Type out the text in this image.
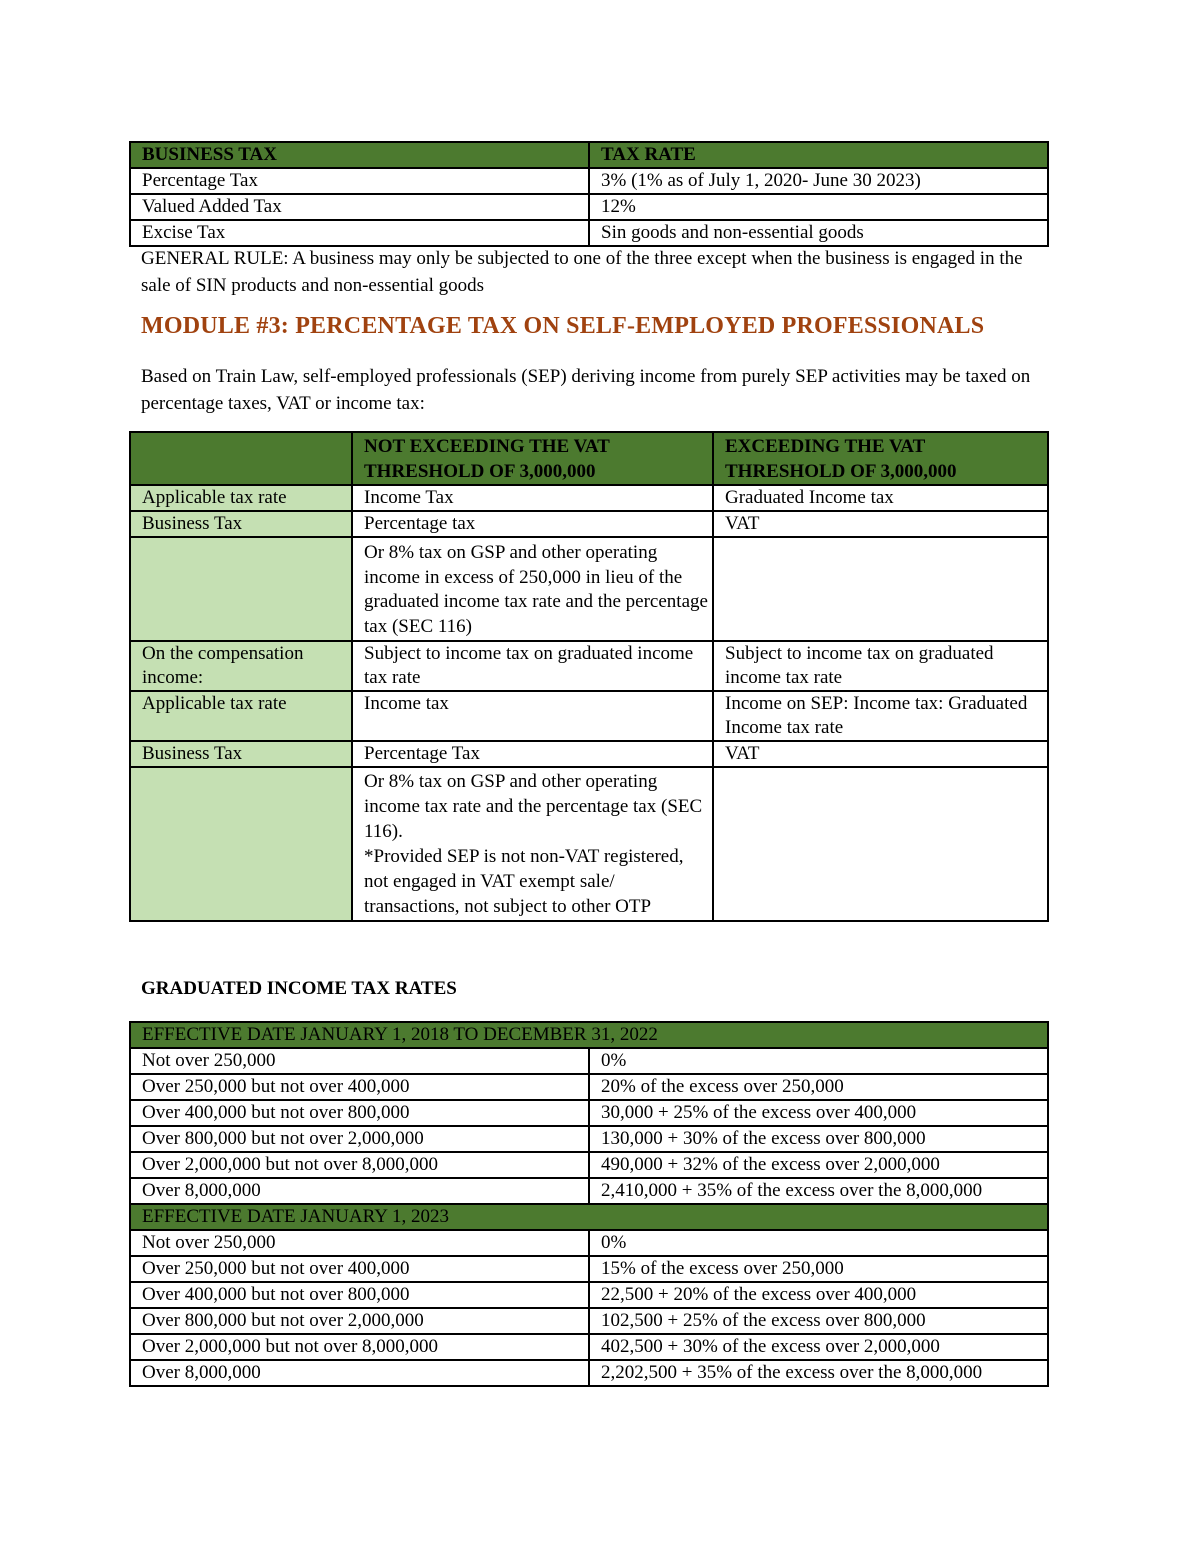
BUSINESS TAX	TAX RATE
Percentage Tax	3% (1% as of July 1, 2020- June 30 2023)
Valued Added Tax	12%
Excise Tax	Sin goods and non-essential goods
GENERAL RULE: A business may only be subjected to one of the three except when the business is engaged in the sale of SIN products and non-essential goods
MODULE #3: PERCENTAGE TAX ON SELF-EMPLOYED PROFESSIONALS
Based on Train Law, self-employed professionals (SEP) deriving income from purely SEP activities may be taxed on percentage taxes, VAT or income tax:
	NOT EXCEEDING THE VAT THRESHOLD OF 3,000,000	EXCEEDING THE VAT THRESHOLD OF 3,000,000
Applicable tax rate	Income Tax	Graduated Income tax
Business Tax	Percentage tax	VAT
	Or 8% tax on GSP and other operating income in excess of 250,000 in lieu of the graduated income tax rate and the percentage tax (SEC 116)	
On the compensation income:	Subject to income tax on graduated income tax rate	Subject to income tax on graduated income tax rate
Applicable tax rate	Income tax	Income on SEP: Income tax: Graduated Income tax rate
Business Tax	Percentage Tax	VAT

	Or 8% tax on GSP and other operating income tax rate and the percentage tax (SEC 116).
*Provided SEP is not non-VAT registered, not engaged in VAT exempt sale/ transactions, not subject to other OTP	

GRADUATED INCOME TAX RATES
EFFECTIVE DATE JANUARY 1, 2018 TO DECEMBER 31, 2022	
Not over 250,000	0%
Over 250,000 but not over 400,000	20% of the excess over 250,000
Over 400,000 but not over 800,000	30,000 + 25% of the excess over 400,000
Over 800,000 but not over 2,000,000	130,000 + 30% of the excess over 800,000
Over 2,000,000 but not over 8,000,000	490,000 + 32% of the excess over 2,000,000
Over 8,000,000	2,410,000 + 35% of the excess over the 8,000,000
EFFECTIVE DATE JANUARY 1, 2023	
Not over 250,000	0%
Over 250,000 but not over 400,000	15% of the excess over 250,000
Over 400,000 but not over 800,000	22,500 + 20% of the excess over 400,000
Over 800,000 but not over 2,000,000	102,500 + 25% of the excess over 800,000
Over 2,000,000 but not over 8,000,000	402,500 + 30% of the excess over 2,000,000
Over 8,000,000	2,202,500 + 35% of the excess over the 8,000,000
